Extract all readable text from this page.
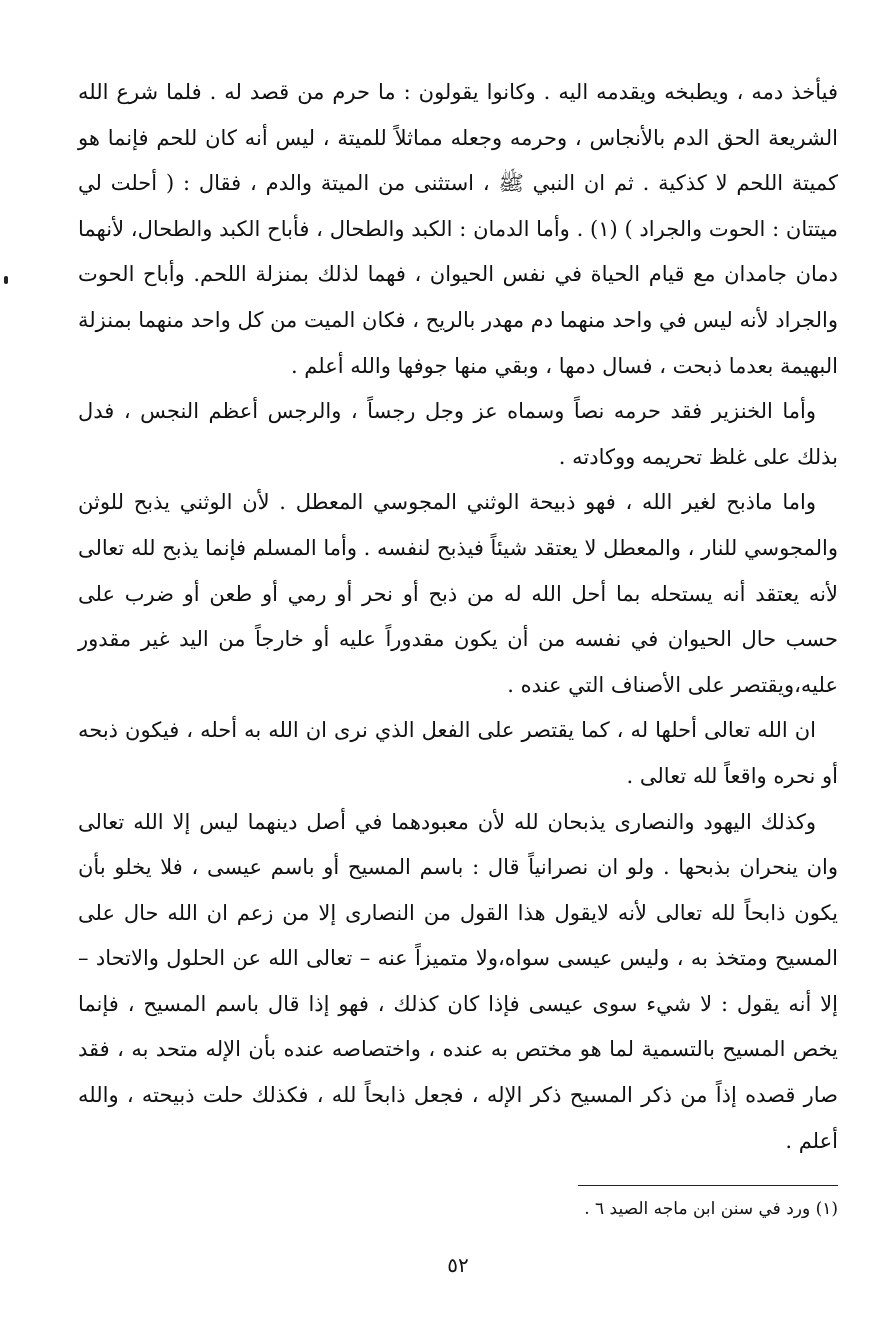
فيأخذ دمه ، ويطبخه ويقدمه اليه . وكانوا يقولون : ما حرم من قصد له . فلما شرع الله الشريعة الحق الدم بالأنجاس ، وحرمه وجعله مماثلاً للميتة ، ليس أنه كان للحم فإنما هو كميتة اللحم لا كذكية . ثم ان النبي ﷺ ، استثنى من الميتة والدم ، فقال : ( أحلت لي ميتتان : الحوت والجراد ) (١) . وأما الدمان : الكبد والطحال ، فأباح الكبد والطحال، لأنهما دمان جامدان مع قيام الحياة في نفس الحيوان ، فهما لذلك بمنزلة اللحم. وأباح الحوت والجراد لأنه ليس في واحد منهما دم مهدر بالريح ، فكان الميت من كل واحد منهما بمنزلة البهيمة بعدما ذبحت ، فسال دمها ، وبقي منها جوفها والله أعلم .

وأما الخنزير فقد حرمه نصاً وسماه عز وجل رجساً ، والرجس أعظم النجس ، فدل بذلك على غلظ تحريمه ووكادته .

واما ماذبح لغير الله ، فهو ذبيحة الوثني المجوسي المعطل . لأن الوثني يذبح للوثن والمجوسي للنار ، والمعطل لا يعتقد شيئاً فيذبح لنفسه . وأما المسلم فإنما يذبح لله تعالى لأنه يعتقد أنه يستحله بما أحل الله له من ذبح أو نحر أو رمي أو طعن أو ضرب على حسب حال الحيوان في نفسه من أن يكون مقدوراً عليه أو خارجاً من اليد غير مقدور عليه،ويقتصر على الأصناف التي عنده .

ان الله تعالى أحلها له ، كما يقتصر على الفعل الذي نرى ان الله به أحله ، فيكون ذبحه أو نحره واقعاً لله تعالى .

وكذلك اليهود والنصارى يذبحان لله لأن معبودهما في أصل دينهما ليس إلا الله تعالى وان ينحران بذبحها . ولو ان نصرانياً قال : باسم المسيح أو باسم عيسى ، فلا يخلو بأن يكون ذابحاً لله تعالى لأنه لايقول هذا القول من النصارى إلا من زعم ان الله حال على المسيح ومتخذ به ، وليس عيسى سواه،ولا متميزاً عنه – تعالى الله عن الحلول والاتحاد – إلا أنه يقول : لا شيء سوى عيسى فإذا كان كذلك ، فهو إذا قال باسم المسيح ، فإنما يخص المسيح بالتسمية لما هو مختص به عنده ، واختصاصه عنده بأن الإله متحد به ، فقد صار قصده إذاً من ذكر المسيح ذكر الإله ، فجعل ذابحاً لله ، فكذلك حلت ذبيحته ، والله أعلم .

(١) ورد في سنن ابن ماجه الصيد ٦ .
٥٢
